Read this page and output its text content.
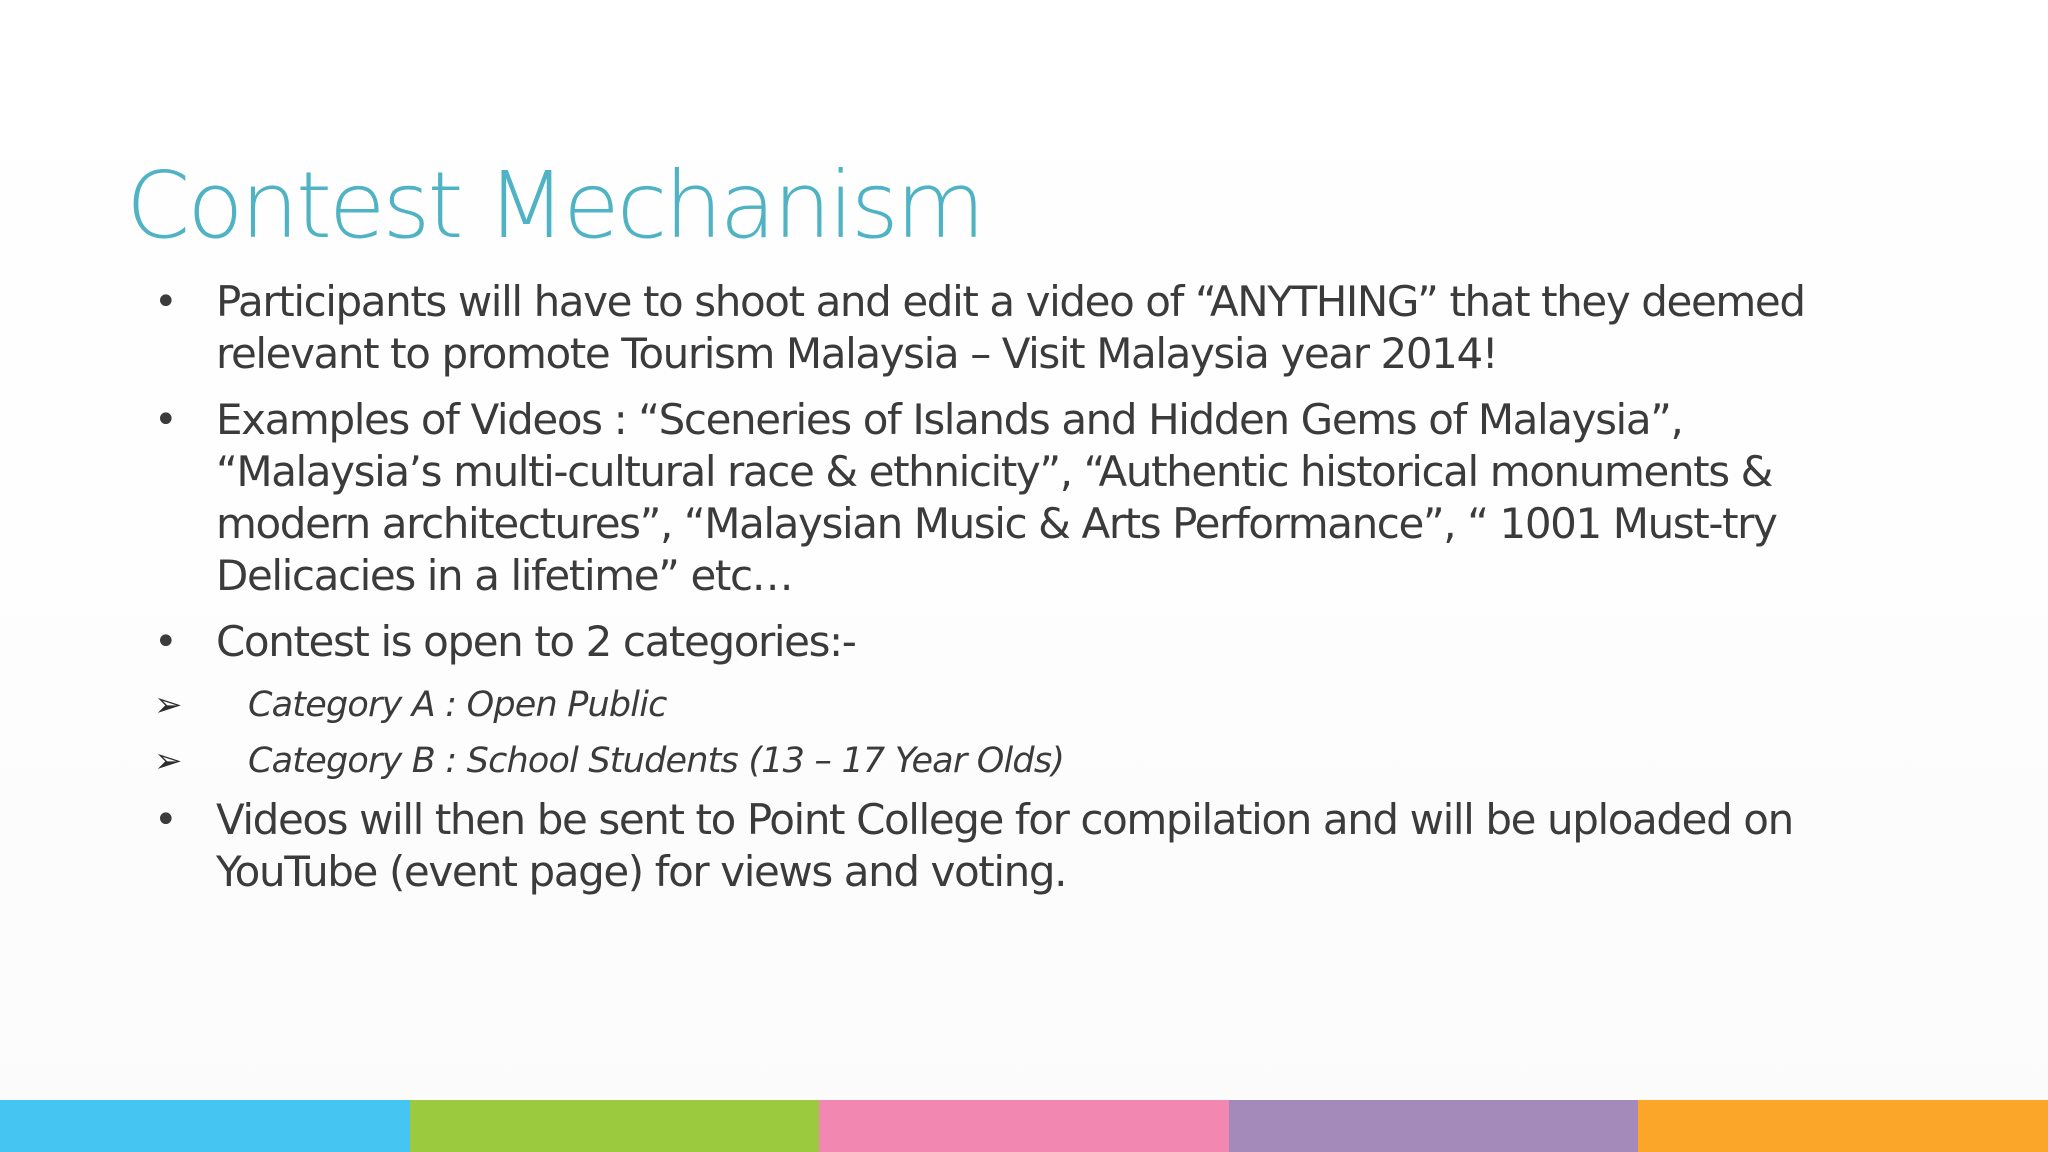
Contest Mechanism
• Participants will have to shoot and edit a video of “ANYTHING” that they deemed
relevant to promote Tourism Malaysia – Visit Malaysia year 2014!
• Examples of Videos : “Sceneries of Islands and Hidden Gems of Malaysia”,
“Malaysia’s multi-cultural race & ethnicity”, “Authentic historical monuments &
modern architectures”, “Malaysian Music & Arts Performance”, “ 1001 Must-try
Delicacies in a lifetime” etc…
• Contest is open to 2 categories:-
➢ Category A : Open Public
➢ Category B : School Students (13 – 17 Year Olds)
• Videos will then be sent to Point College for compilation and will be uploaded on
YouTube (event page) for views and voting.
